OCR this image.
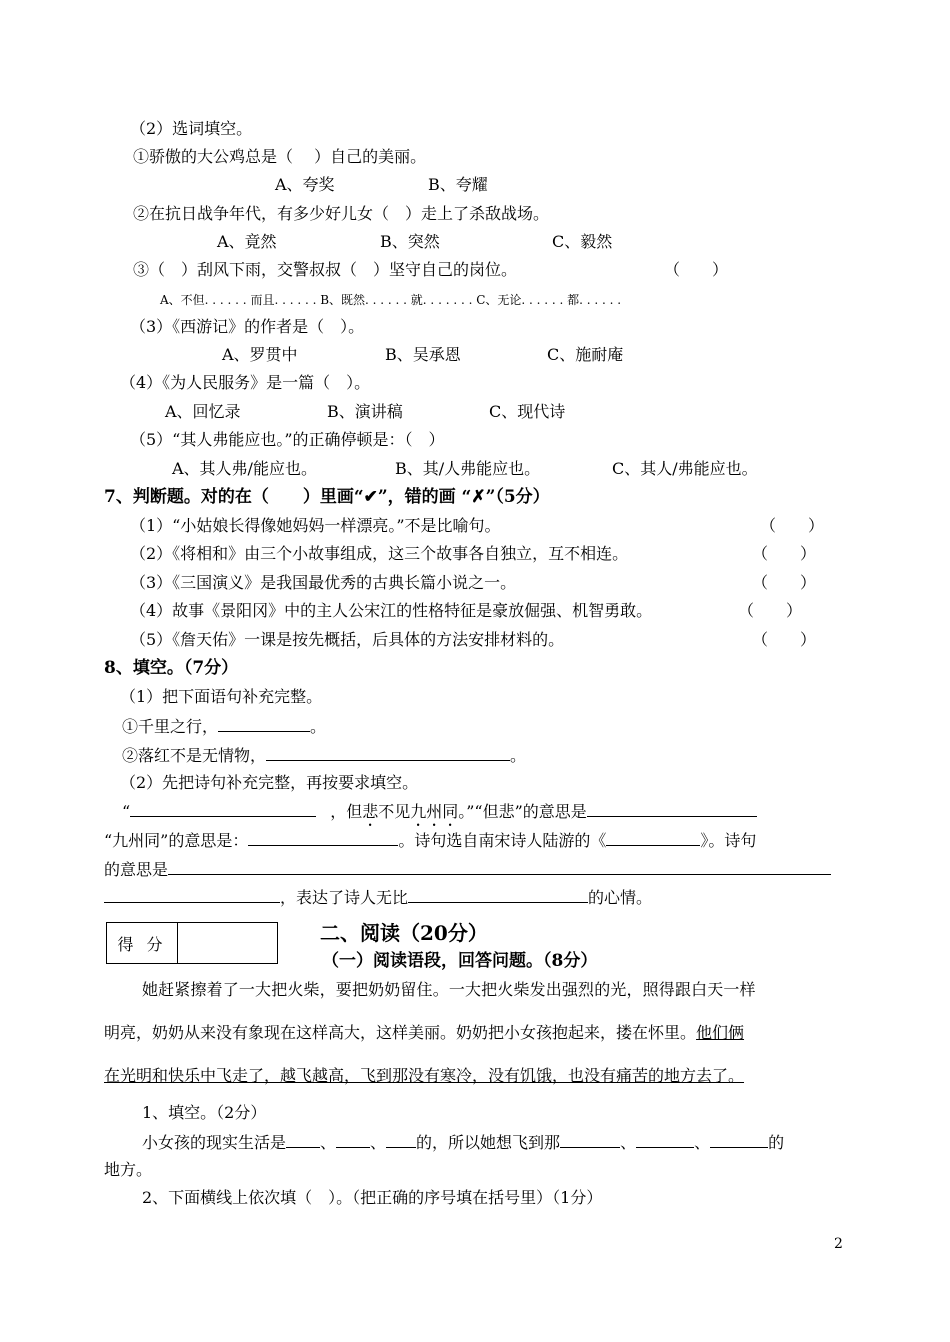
（2）选词填空。
①骄傲的大公鸡总是（　 ）自己的美丽。
A、夸奖	B、夸耀
②在抗日战争年代，有多少好儿女（　）走上了杀敌战场。
A、竟然	B、突然	C、毅然
③（　）刮风下雨，交警叔叔（　）坚守自己的岗位。	（　　）
A、不但. . . . . . 而且. . . . . . B、既然. . . . . . 就. . . . . . . C、无论. . . . . . 都. . . . . .
（3）《西游记》的作者是（　）。
A、罗贯中	B、吴承恩	C、施耐庵
（4）《为人民服务》是一篇（　）。
A、回忆录	B、演讲稿	C、现代诗
（5）“其人弗能应也。”的正确停顿是：（　）
A、其人弗/能应也。	B、其/人弗能应也。	C、其人/弗能应也。
7、判断题。对的在（　　）里画“✔”，错的画 “✗”（5分）
（1）“小姑娘长得像她妈妈一样漂亮。”不是比喻句。	（　　）
（2）《将相和》由三个小故事组成，这三个故事各自独立，互不相连。	（　　）
（3）《三国演义》是我国最优秀的古典长篇小说之一。	（　　）
（4）故事《景阳冈》中的主人公宋江的性格特征是豪放倔强、机智勇敢。	（　　）
（5）《詹天佑》一课是按先概括，后具体的方法安排材料的。	（　　）
8、填空。（7分）
（1）把下面语句补充完整。
①千里之行，	。
②落红不是无情物，	。
（2）先把诗句补充完整，再按要求填空。
“	，但悲不见九州同。”“但悲”的意思是
“九州同”的意思是：	。诗句选自南宋诗人陆游的《	》。诗句
的意思是
，表达了诗人无比	的心情。
得 分	二、阅读（20分）
（一）阅读语段，回答问题。（8分）
她赶紧擦着了一大把火柴，要把奶奶留住。一大把火柴发出强烈的光，照得跟白天一样
明亮，奶奶从来没有象现在这样高大，这样美丽。奶奶把小女孩抱起来，搂在怀里。他们俩
在光明和快乐中飞走了，越飞越高，飞到那没有寒冷，没有饥饿，也没有痛苦的地方去了。
1、填空。（2分）
小女孩的现实生活是 、 、 的，所以她想飞到那	、	、	的
地方。
2、下面横线上依次填（　）。（把正确的序号填在括号里）（1分）
2
